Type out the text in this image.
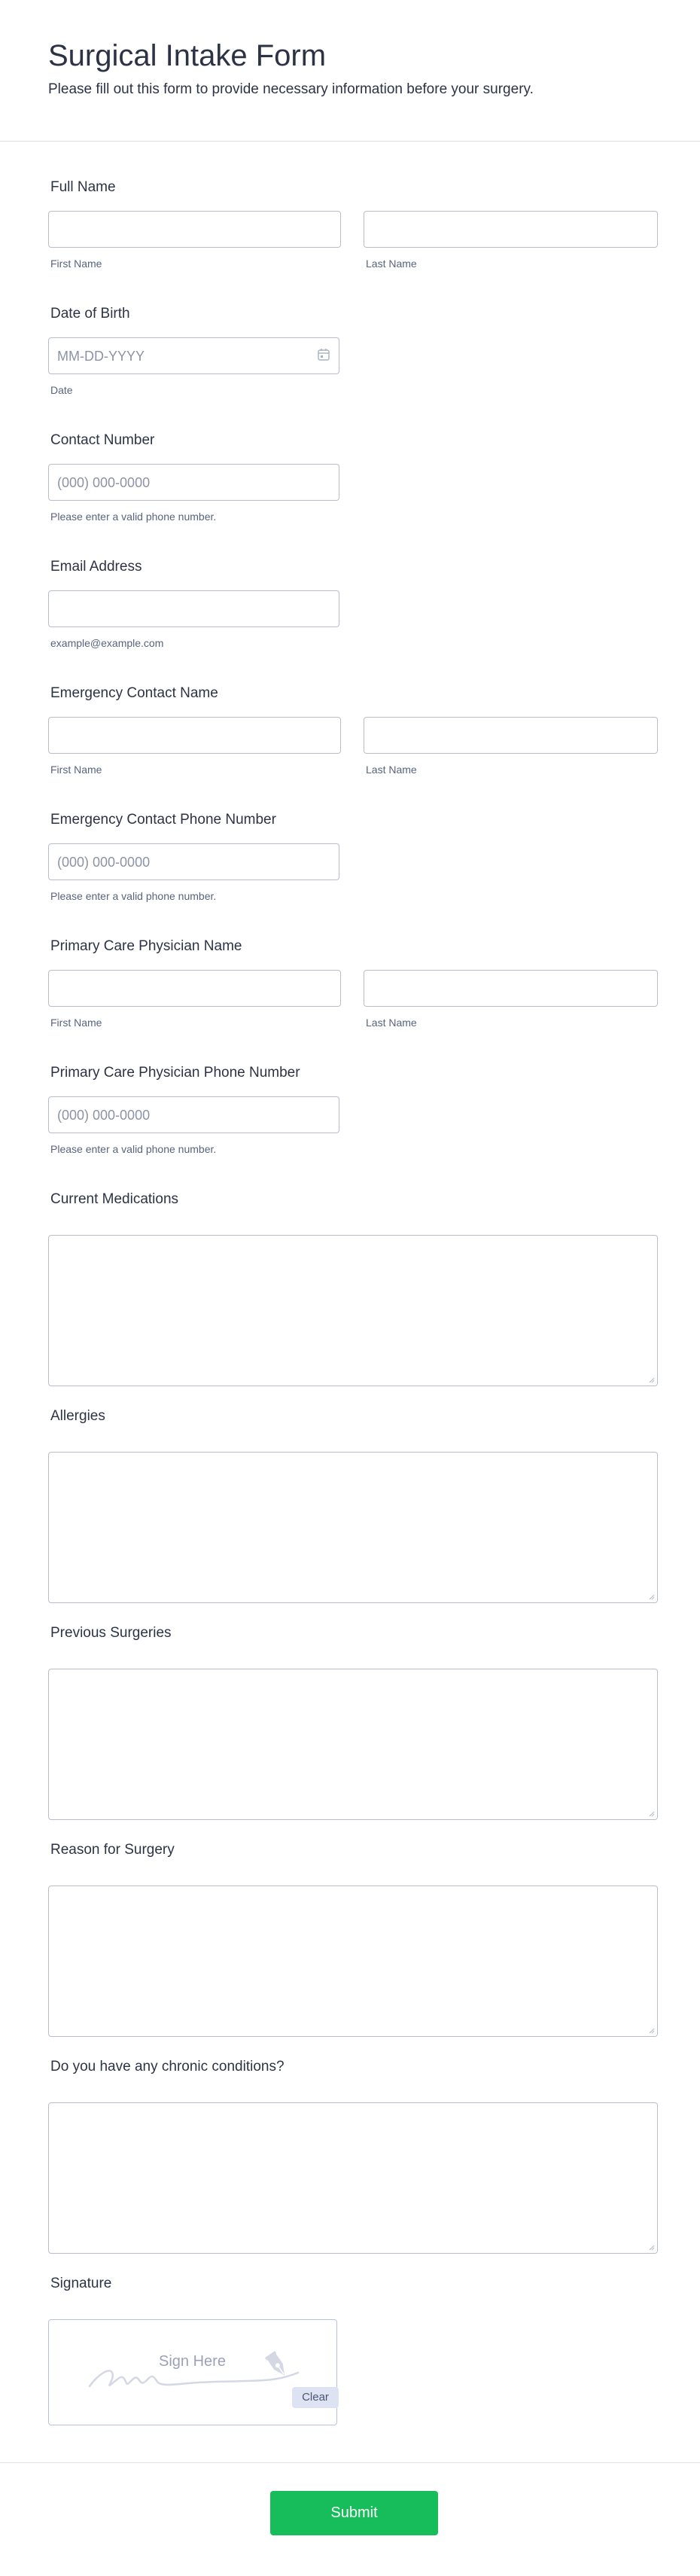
Surgical Intake Form
Please fill out this form to provide necessary information before your surgery.
Full Name
First Name	Last Name
Date of Birth
MM-DD-YYYY
Date
Contact Number
(000) 000-0000
Please enter a valid phone number.
Email Address
example@example.com
Emergency Contact Name
First Name	Last Name
Emergency Contact Phone Number
(000) 000-0000
Please enter a valid phone number.
Primary Care Physician Name
First Name	Last Name
Primary Care Physician Phone Number
(000) 000-0000
Please enter a valid phone number.
Current Medications
Allergies
Previous Surgeries
Reason for Surgery
Do you have any chronic conditions?
Signature
Sign Here
Clear
Submit
